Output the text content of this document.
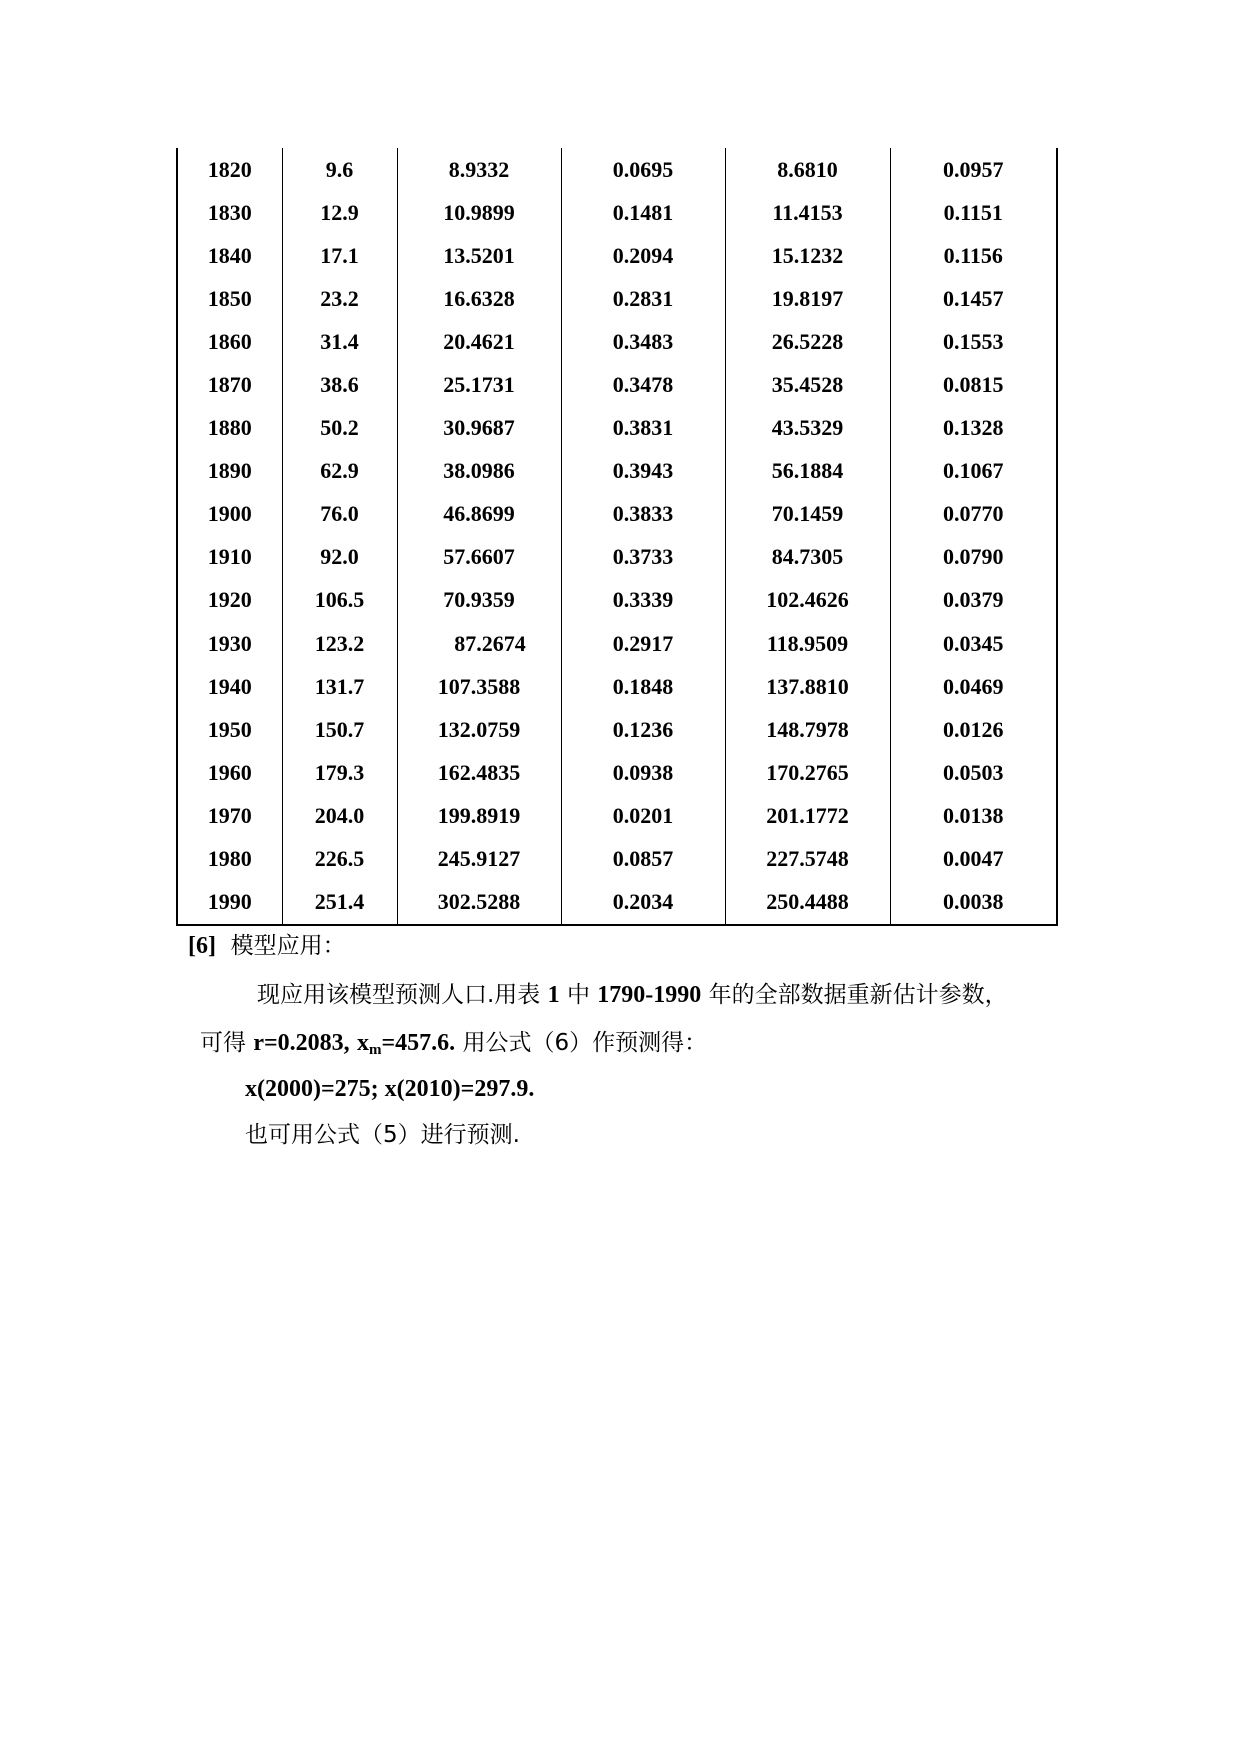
1820	9.6	8.9332	0.0695	8.6810	0.0957
1830	12.9	10.9899	0.1481	11.4153	0.1151
1840	17.1	13.5201	0.2094	15.1232	0.1156
1850	23.2	16.6328	0.2831	19.8197	0.1457
1860	31.4	20.4621	0.3483	26.5228	0.1553
1870	38.6	25.1731	0.3478	35.4528	0.0815
1880	50.2	30.9687	0.3831	43.5329	0.1328
1890	62.9	38.0986	0.3943	56.1884	0.1067
1900	76.0	46.8699	0.3833	70.1459	0.0770
1910	92.0	57.6607	0.3733	84.7305	0.0790
1920	106.5	70.9359	0.3339	102.4626	0.0379
1930	123.2	87.2674	0.2917	118.9509	0.0345
1940	131.7	107.3588	0.1848	137.8810	0.0469
1950	150.7	132.0759	0.1236	148.7978	0.0126
1960	179.3	162.4835	0.0938	170.2765	0.0503
1970	204.0	199.8919	0.0201	201.1772	0.0138
1980	226.5	245.9127	0.0857	227.5748	0.0047
1990	251.4	302.5288	0.2034	250.4488	0.0038
[6] 模型应用：
现应用该模型预测人口.用表 1 中 1790-1990 年的全部数据重新估计参数，
可得 r=0.2083, $x_m=457.6$. 用公式（6）作预测得：
x(2000)=275; x(2010)=297.9.
也可用公式（5）进行预测.
